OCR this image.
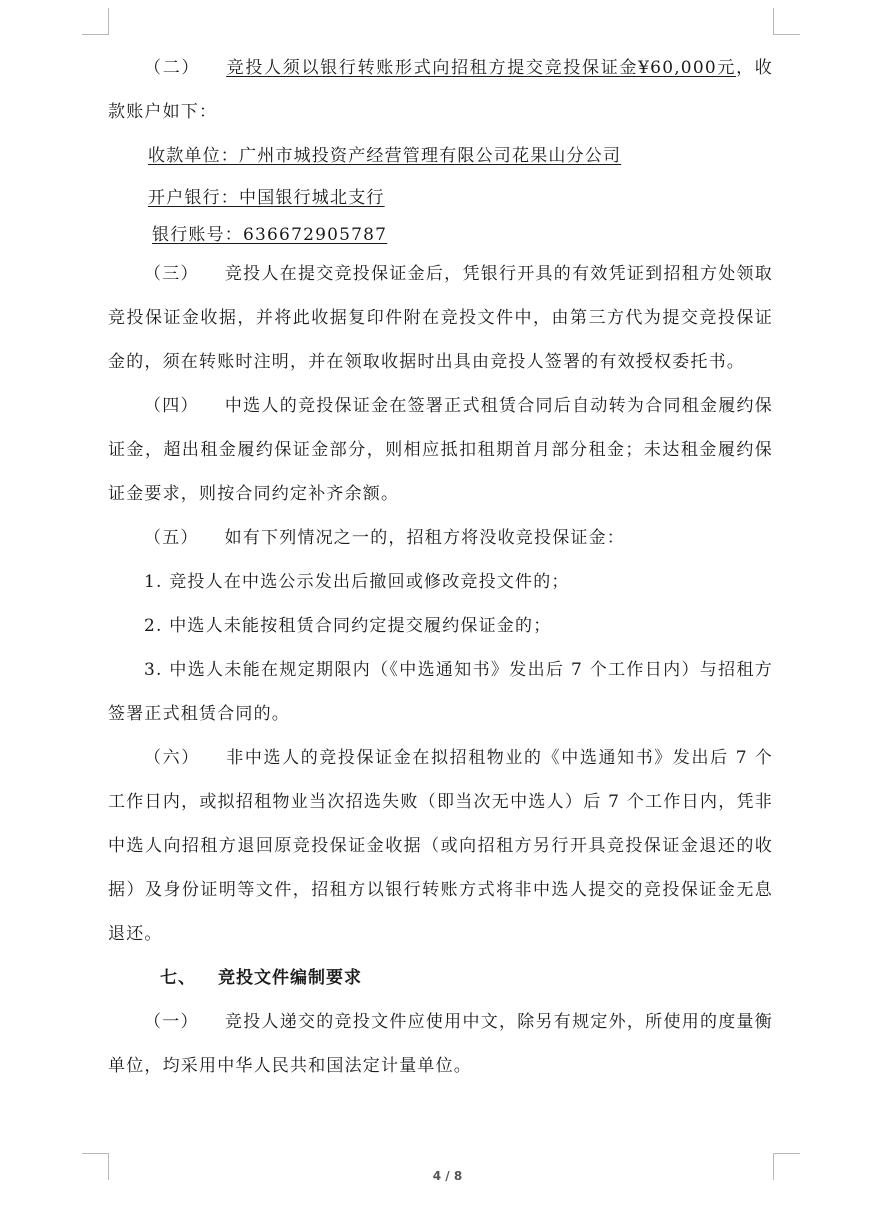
（二） 竞投人须以银行转账形式向招租方提交竞投保证金¥60,000元，收款账户如下：

收款单位：广州市城投资产经营管理有限公司花果山分公司

开户银行：中国银行城北支行

银行账号：636672905787

（三） 竞投人在提交竞投保证金后，凭银行开具的有效凭证到招租方处领取竞投保证金收据，并将此收据复印件附在竞投文件中，由第三方代为提交竞投保证金的，须在转账时注明，并在领取收据时出具由竞投人签署的有效授权委托书。

（四） 中选人的竞投保证金在签署正式租赁合同后自动转为合同租金履约保证金，超出租金履约保证金部分，则相应抵扣租期首月部分租金；未达租金履约保证金要求，则按合同约定补齐余额。

（五） 如有下列情况之一的，招租方将没收竞投保证金：

1. 竞投人在中选公示发出后撤回或修改竞投文件的；

2. 中选人未能按租赁合同约定提交履约保证金的；

3. 中选人未能在规定期限内（《中选通知书》发出后 7 个工作日内）与招租方签署正式租赁合同的。

（六） 非中选人的竞投保证金在拟招租物业的《中选通知书》发出后 7 个工作日内，或拟招租物业当次招选失败（即当次无中选人）后 7 个工作日内，凭非中选人向招租方退回原竞投保证金收据（或向招租方另行开具竞投保证金退还的收据）及身份证明等文件，招租方以银行转账方式将非中选人提交的竞投保证金无息退还。

七、 竞投文件编制要求

（一） 竞投人递交的竞投文件应使用中文，除另有规定外，所使用的度量衡单位，均采用中华人民共和国法定计量单位。

4 / 8
